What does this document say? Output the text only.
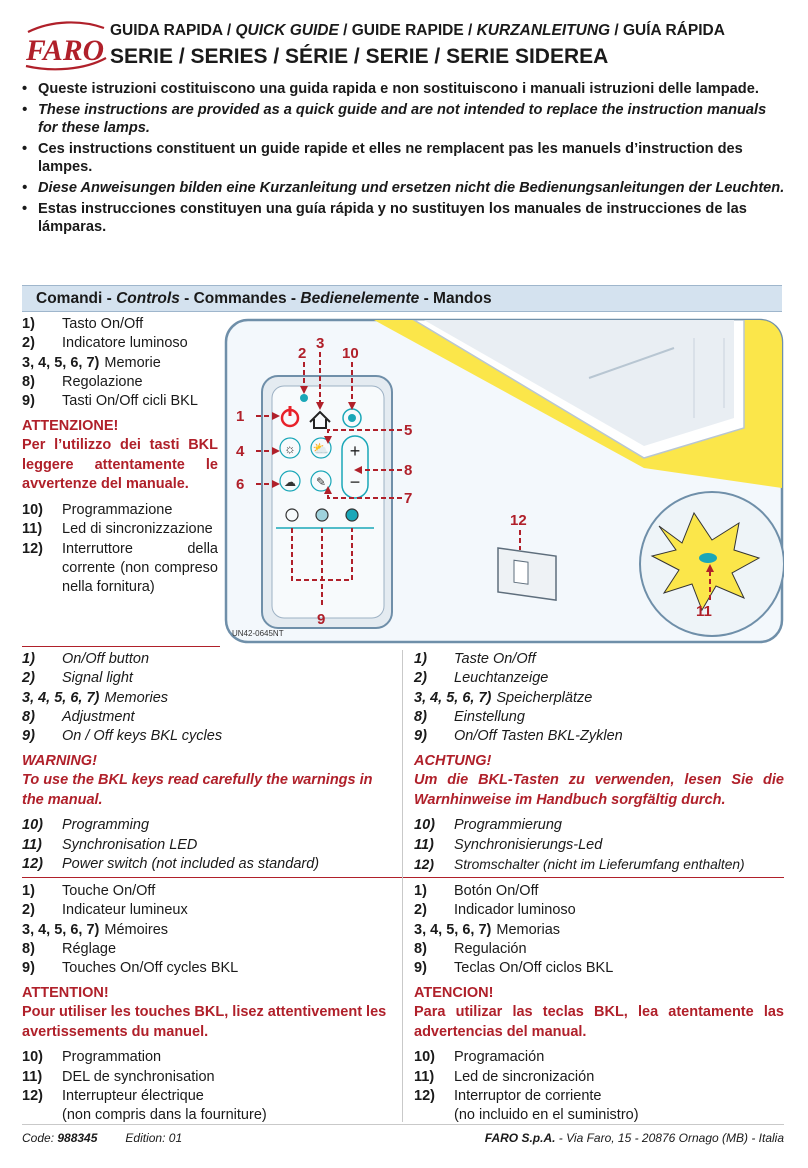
FARO
GUIDA RAPIDA / QUICK GUIDE / GUIDE RAPIDE / KURZANLEITUNG / GUÍA RÁPIDA
SERIE / SERIES / SÉRIE / SERIE / SERIE SIDEREA
• Queste istruzioni costituiscono una guida rapida e non sostituiscono i manuali istruzioni delle lampade.
• These instructions are provided as a quick guide and are not intended to replace the instruction manuals for these lamps.
• Ces instructions constituent un guide rapide et elles ne remplacent pas les manuels d’instruction des lampes.
• Diese Anweisungen bilden eine Kurzanleitung und ersetzen nicht die Bedienungsanleitungen der Leuchten.
• Estas instrucciones constituyen una guía rápida y no sustituyen los manuales de instrucciones de las lámparas.
Comandi - Controls - Commandes - Bedienelemente - Mandos
1)	Tasto On/Off
2)	Indicatore luminoso
3, 4, 5, 6, 7) Memorie
8)	Regolazione
9)	Tasti On/Off cicli BKL
ATTENZIONE!
Per l’utilizzo dei tasti BKL leggere attentamente le avvertenze del manuale.
10)	Programmazione
11)	Led di sincronizzazione
12)	Interruttore della corrente (non compreso nella fornitura)
☼ ⛅ +
−
☁ ✎
1
2
3
4
5
6
7
8
9
10
11
12
UN42-0645NT
1)	On/Off button
2)	Signal light
3, 4, 5, 6, 7) Memories
8)	Adjustment
9)	On / Off keys BKL cycles
WARNING!
To use the BKL keys read carefully the warnings in the manual.
10)	Programming
11)	Synchronisation LED
12)	Power switch (not included as standard)
1)	Taste On/Off
2)	Leuchtanzeige
3, 4, 5, 6, 7) Speicherplätze
8)	Einstellung
9)	On/Off Tasten BKL-Zyklen
ACHTUNG!
Um die BKL-Tasten zu verwenden, lesen Sie die Warnhinweise im Handbuch sorgfältig durch.
10)	Programmierung
11)	Synchronisierungs-Led
12)	Stromschalter (nicht im Lieferumfang enthalten)
1)	Touche On/Off
2)	Indicateur lumineux
3, 4, 5, 6, 7) Mémoires
8)	Réglage
9)	Touches On/Off cycles BKL
ATTENTION!
Pour utiliser les touches BKL, lisez attentivement les avertissements du manuel.
10)	Programmation
11)	DEL de synchronisation
12)	Interrupteur électrique
(non compris dans la fourniture)
1)	Botón On/Off
2)	Indicador luminoso
3, 4, 5, 6, 7) Memorias
8)	Regulación
9)	Teclas On/Off ciclos BKL
ATENCION!
Para utilizar las teclas BKL, lea atentamente las advertencias del manual.
10)	Programación
11)	Led de sincronización
12)	Interruptor de corriente
(no incluido en el suministro)
Code: 988345 Edition: 01	FARO S.p.A. - Via Faro, 15 - 20876 Ornago (MB) - Italia
